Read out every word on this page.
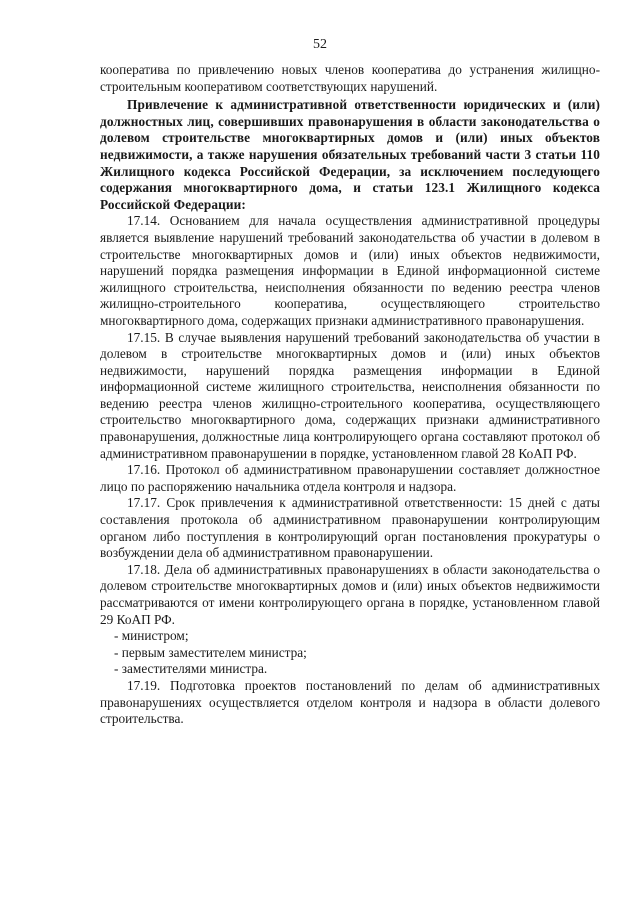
52

кооператива по привлечению новых членов кооператива до устранения жилищно-строительным кооперативом соответствующих нарушений.

Привлечение к административной ответственности юридических и (или) должностных лиц, совершивших правонарушения в области законодательства о долевом строительстве многоквартирных домов и (или) иных объектов недвижимости, а также нарушения обязательных требований части 3 статьи 110 Жилищного кодекса Российской Федерации, за исключением последующего содержания многоквартирного дома, и статьи 123.1 Жилищного кодекса Российской Федерации:

17.14. Основанием для начала осуществления административной процедуры является выявление нарушений требований законодательства об участии в долевом в строительстве многоквартирных домов и (или) иных объектов недвижимости, нарушений порядка размещения информации в Единой информационной системе жилищного строительства, неисполнения обязанности по ведению реестра членов жилищно-строительного кооператива, осуществляющего строительство многоквартирного дома, содержащих признаки административного правонарушения.

17.15. В случае выявления нарушений требований законодательства об участии в долевом в строительстве многоквартирных домов и (или) иных объектов недвижимости, нарушений порядка размещения информации в Единой информационной системе жилищного строительства, неисполнения обязанности по ведению реестра членов жилищно-строительного кооператива, осуществляющего строительство многоквартирного дома, содержащих признаки административного правонарушения, должностные лица контролирующего органа составляют протокол об административном правонарушении в порядке, установленном главой 28 КоАП РФ.

17.16. Протокол об административном правонарушении составляет должностное лицо по распоряжению начальника отдела контроля и надзора.

17.17. Срок привлечения к административной ответственности: 15 дней с даты составления протокола об административном правонарушении контролирующим органом либо поступления в контролирующий орган постановления прокуратуры о возбуждении дела об административном правонарушении.

17.18. Дела об административных правонарушениях в области законодательства о долевом строительстве многоквартирных домов и (или) иных объектов недвижимости рассматриваются от имени контролирующего органа в порядке, установленном главой 29 КоАП РФ.

- министром;

- первым заместителем министра;

- заместителями министра.

17.19. Подготовка проектов постановлений по делам об административных правонарушениях осуществляется отделом контроля и надзора в области долевого строительства.
